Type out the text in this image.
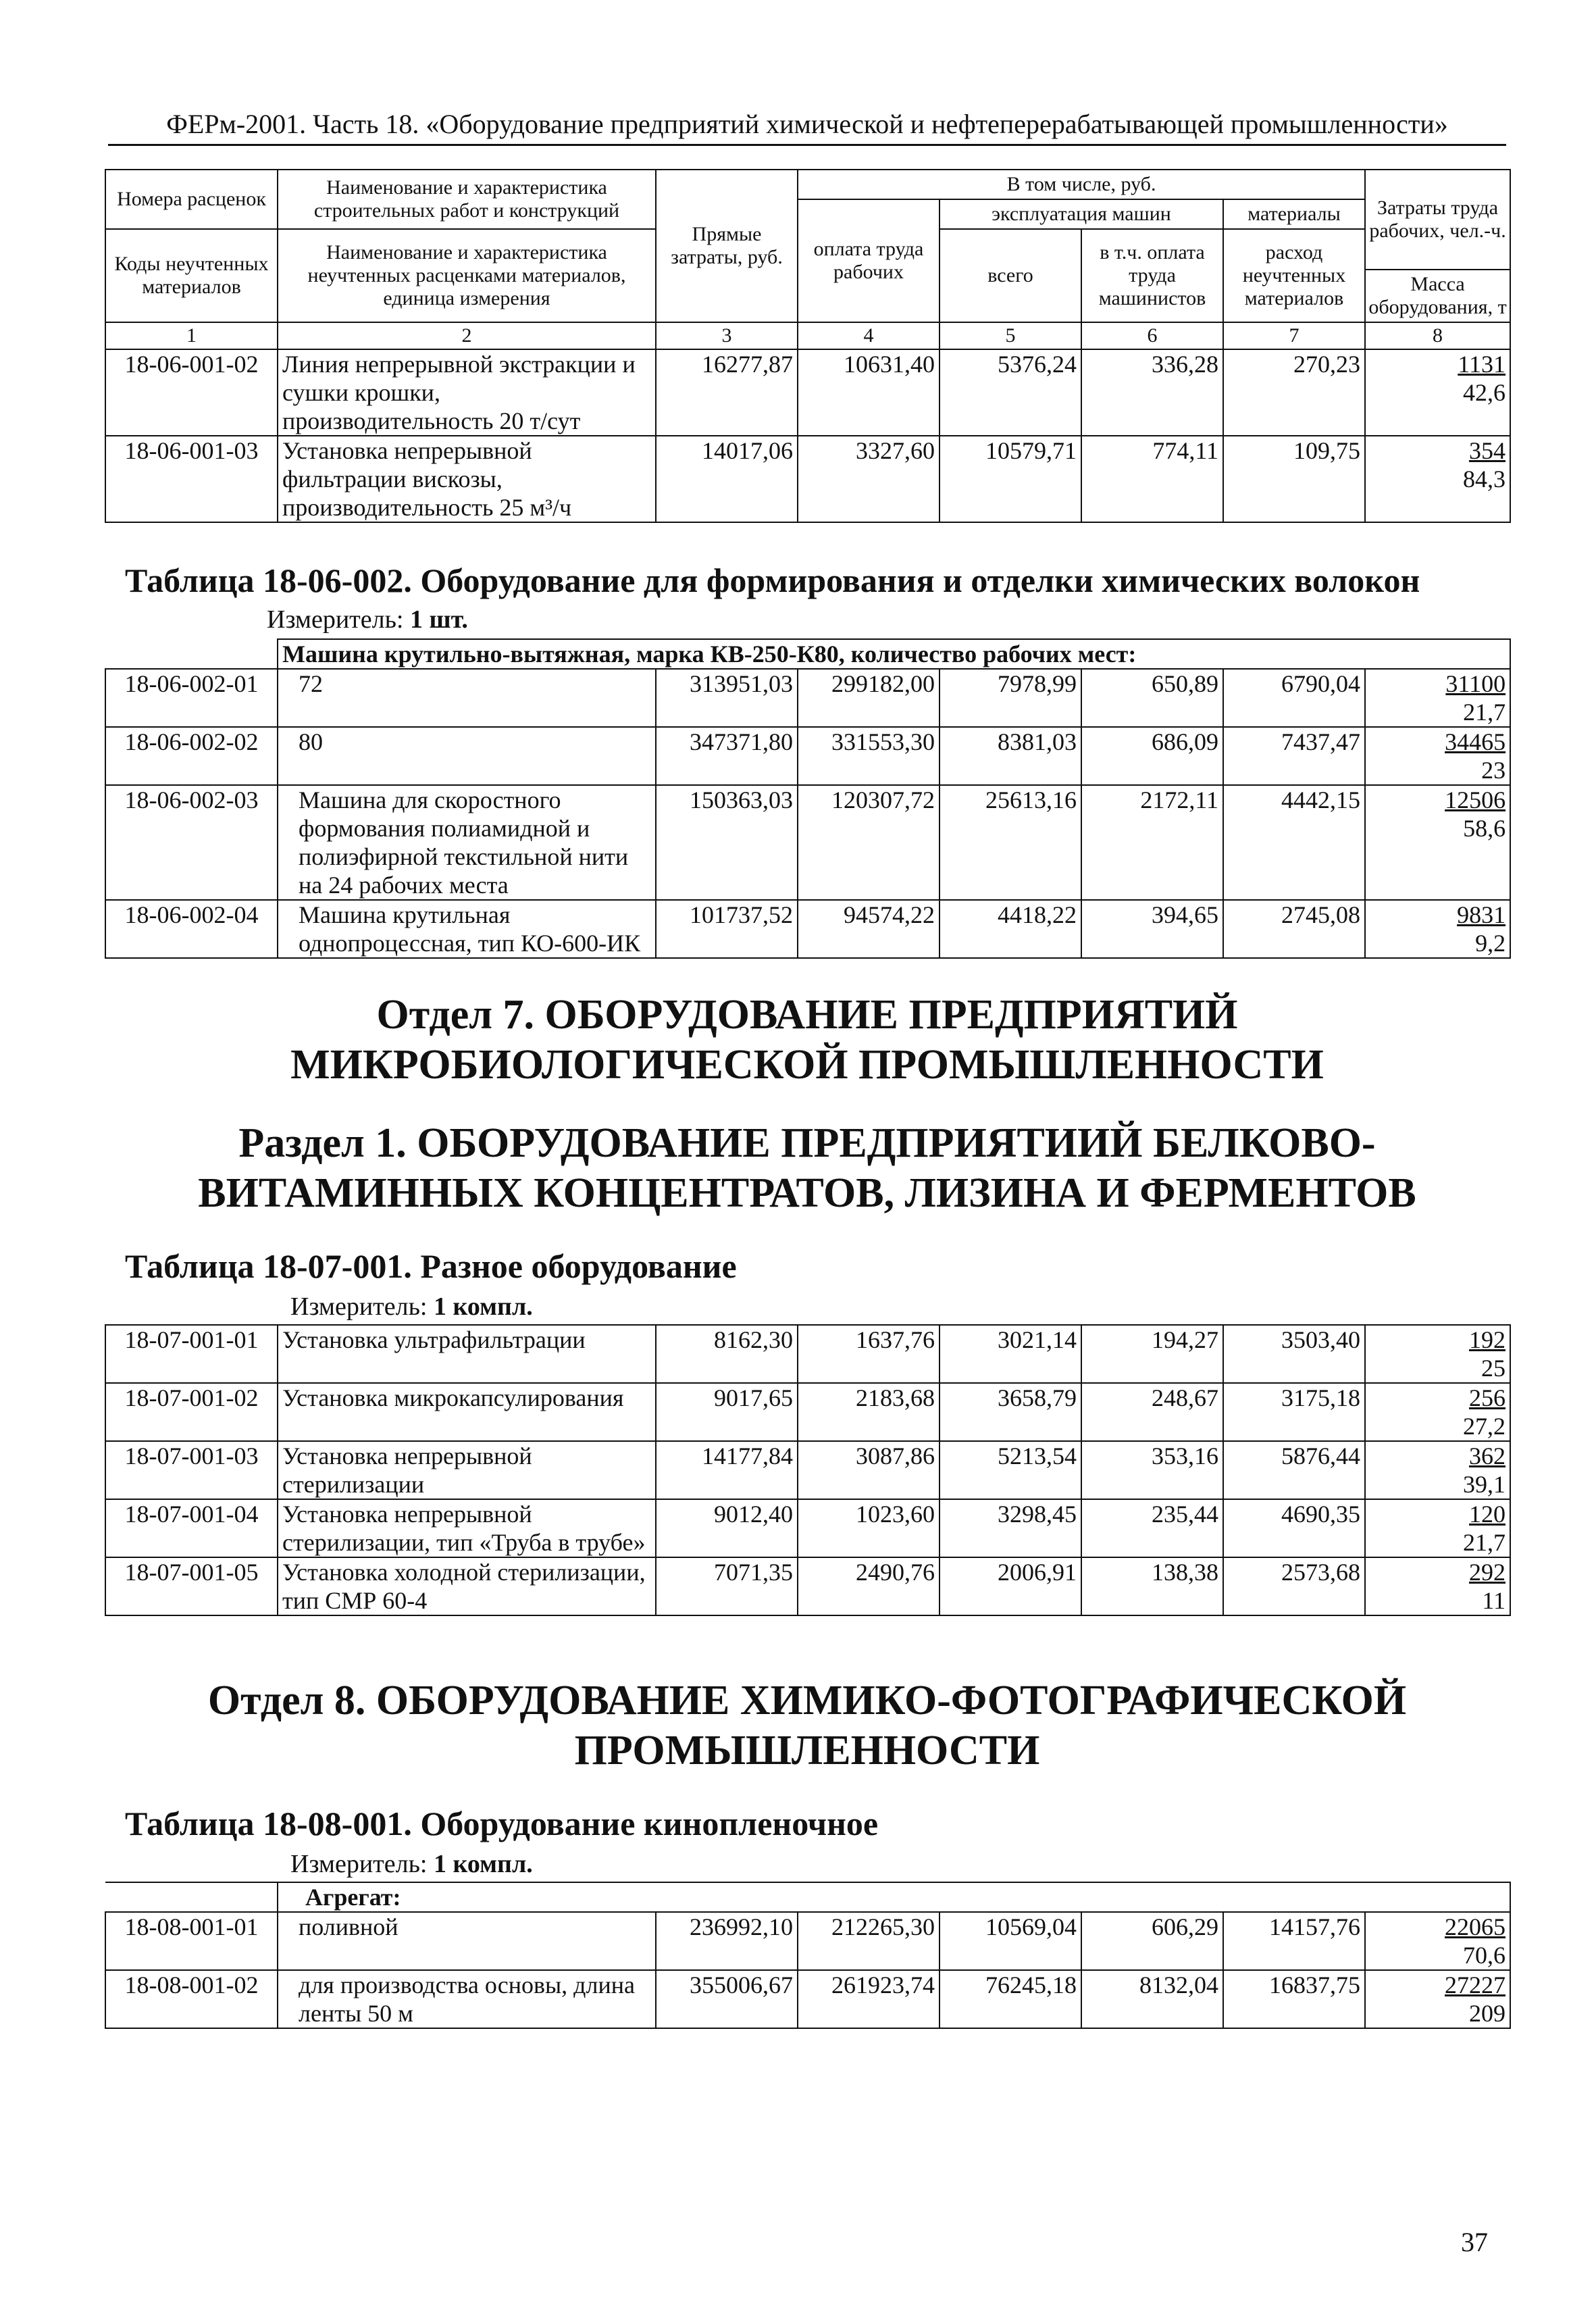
ФЕРм-2001. Часть 18. «Оборудование предприятий химической и нефтеперерабатывающей промышленности»
Номера расценок	Наименование и характеристика строительных работ и конструкций	Прямые затраты, руб.	В том числе, руб.				Затраты труда рабочих, чел.-ч.
			оплата труда рабочих	эксплуатация машин		материалы	
Коды неучтенных материалов	Наименование и характеристика неучтенных расценками материалов, единица измерения			всего	в т.ч. оплата труда машинистов	расход неучтенных материалов	
							Масса оборудования, т
1	2	3	4	5	6	7	8
18-06-001-02	Линия непрерывной экстракции и сушки крошки, производительность 20 т/сут	16277,87	10631,40	5376,24	336,28	270,23	1131
42,6

18-06-001-03	Установка непрерывной фильтрации вискозы, производительность 25 м³/ч	14017,06	3327,60	10579,71	774,11	109,75	354
84,3
Таблица 18-06-002. Оборудование для формирования и отделки химических волокон
Измеритель: 1 шт.
	Машина крутильно-вытяжная, марка КВ-250-К80, количество рабочих мест:						
18-06-002-01	72	313951,03	299182,00	7978,99	650,89	6790,04	31100
21,7

18-06-002-02	80	347371,80	331553,30	8381,03	686,09	7437,47	34465
23

18-06-002-03	Машина для скоростного формования полиамидной и полиэфирной текстильной нити на 24 рабочих места	150363,03	120307,72	25613,16	2172,11	4442,15	12506
58,6

18-06-002-04	Машина крутильная однопроцессная, тип КО-600-ИК	101737,52	94574,22	4418,22	394,65	2745,08	9831
9,2
Отдел 7. ОБОРУДОВАНИЕ ПРЕДПРИЯТИЙ МИКРОБИОЛОГИЧЕСКОЙ ПРОМЫШЛЕННОСТИ
Раздел 1. ОБОРУДОВАНИЕ ПРЕДПРИЯТИИЙ БЕЛКОВО-ВИТАМИННЫХ КОНЦЕНТРАТОВ, ЛИЗИНА И ФЕРМЕНТОВ
Таблица 18-07-001. Разное оборудование
Измеритель: 1 компл.
18-07-001-01	Установка ультрафильтрации	8162,30	1637,76	3021,14	194,27	3503,40	192
25

18-07-001-02	Установка микрокапсулирования	9017,65	2183,68	3658,79	248,67	3175,18	256
27,2

18-07-001-03	Установка непрерывной стерилизации	14177,84	3087,86	5213,54	353,16	5876,44	362
39,1

18-07-001-04	Установка непрерывной стерилизации, тип «Труба в трубе»	9012,40	1023,60	3298,45	235,44	4690,35	120
21,7

18-07-001-05	Установка холодной стерилизации, тип СМР 60-4	7071,35	2490,76	2006,91	138,38	2573,68	292
11
Отдел 8. ОБОРУДОВАНИЕ ХИМИКО-ФОТОГРАФИЧЕСКОЙ ПРОМЫШЛЕННОСТИ
Таблица 18-08-001. Оборудование кинопленочное
Измеритель: 1 компл.
	Агрегат:						
18-08-001-01	поливной	236992,10	212265,30	10569,04	606,29	14157,76	22065
70,6

18-08-001-02	для производства основы, длина ленты 50 м	355006,67	261923,74	76245,18	8132,04	16837,75	27227
209
37
